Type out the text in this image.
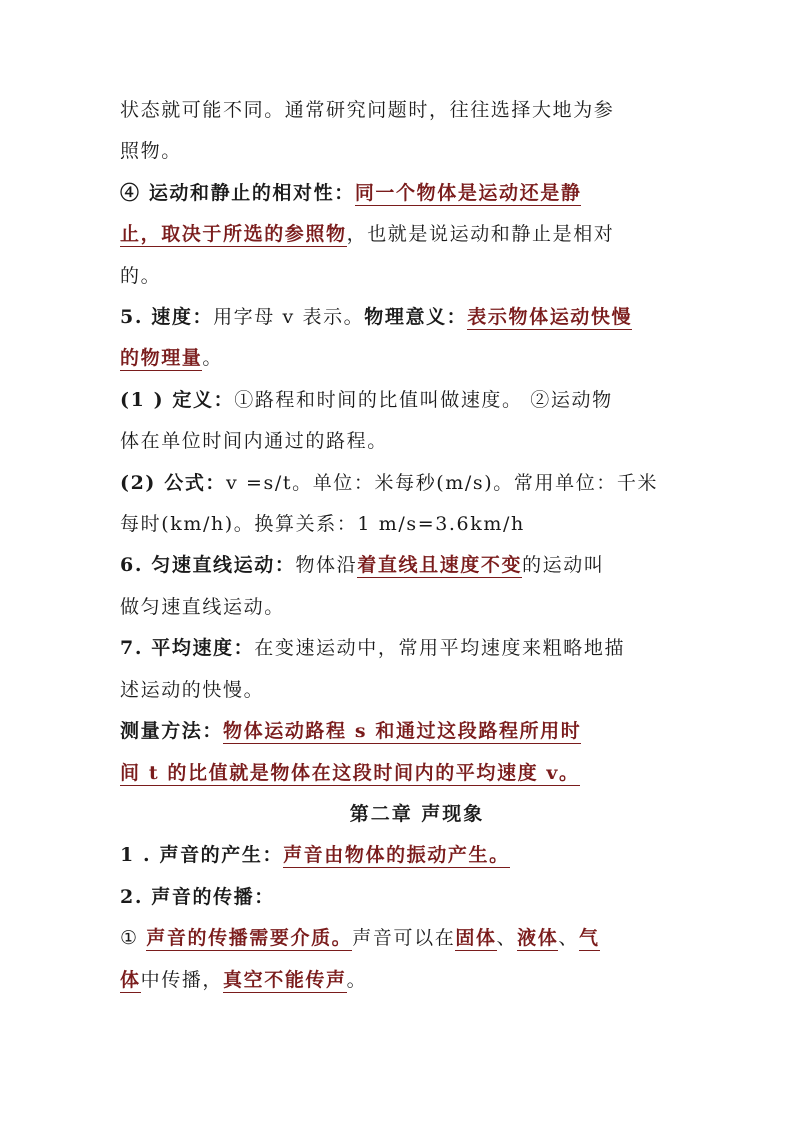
状态就可能不同。通常研究问题时，往往选择大地为参

照物。

④ 运动和静止的相对性：同一个物体是运动还是静

止，取决于所选的参照物，也就是说运动和静止是相对

的。

5. 速度：用字母 v 表示。物理意义：表示物体运动快慢

的物理量。

(1 ) 定义：①路程和时间的比值叫做速度。 ②运动物

体在单位时间内通过的路程。

(2) 公式：v =s/t。单位：米每秒(m/s)。常用单位：千米

每时(km/h)。换算关系：1 m/s=3.6km/h

6. 匀速直线运动：物体沿着直线且速度不变的运动叫

做匀速直线运动。

7. 平均速度：在变速运动中，常用平均速度来粗略地描

述运动的快慢。

测量方法：物体运动路程 s 和通过这段路程所用时

间 t 的比值就是物体在这段时间内的平均速度 v。

第二章 声现象

1 . 声音的产生：声音由物体的振动产生。

2. 声音的传播：

① 声音的传播需要介质。声音可以在固体、液体、气

体中传播，真空不能传声。
